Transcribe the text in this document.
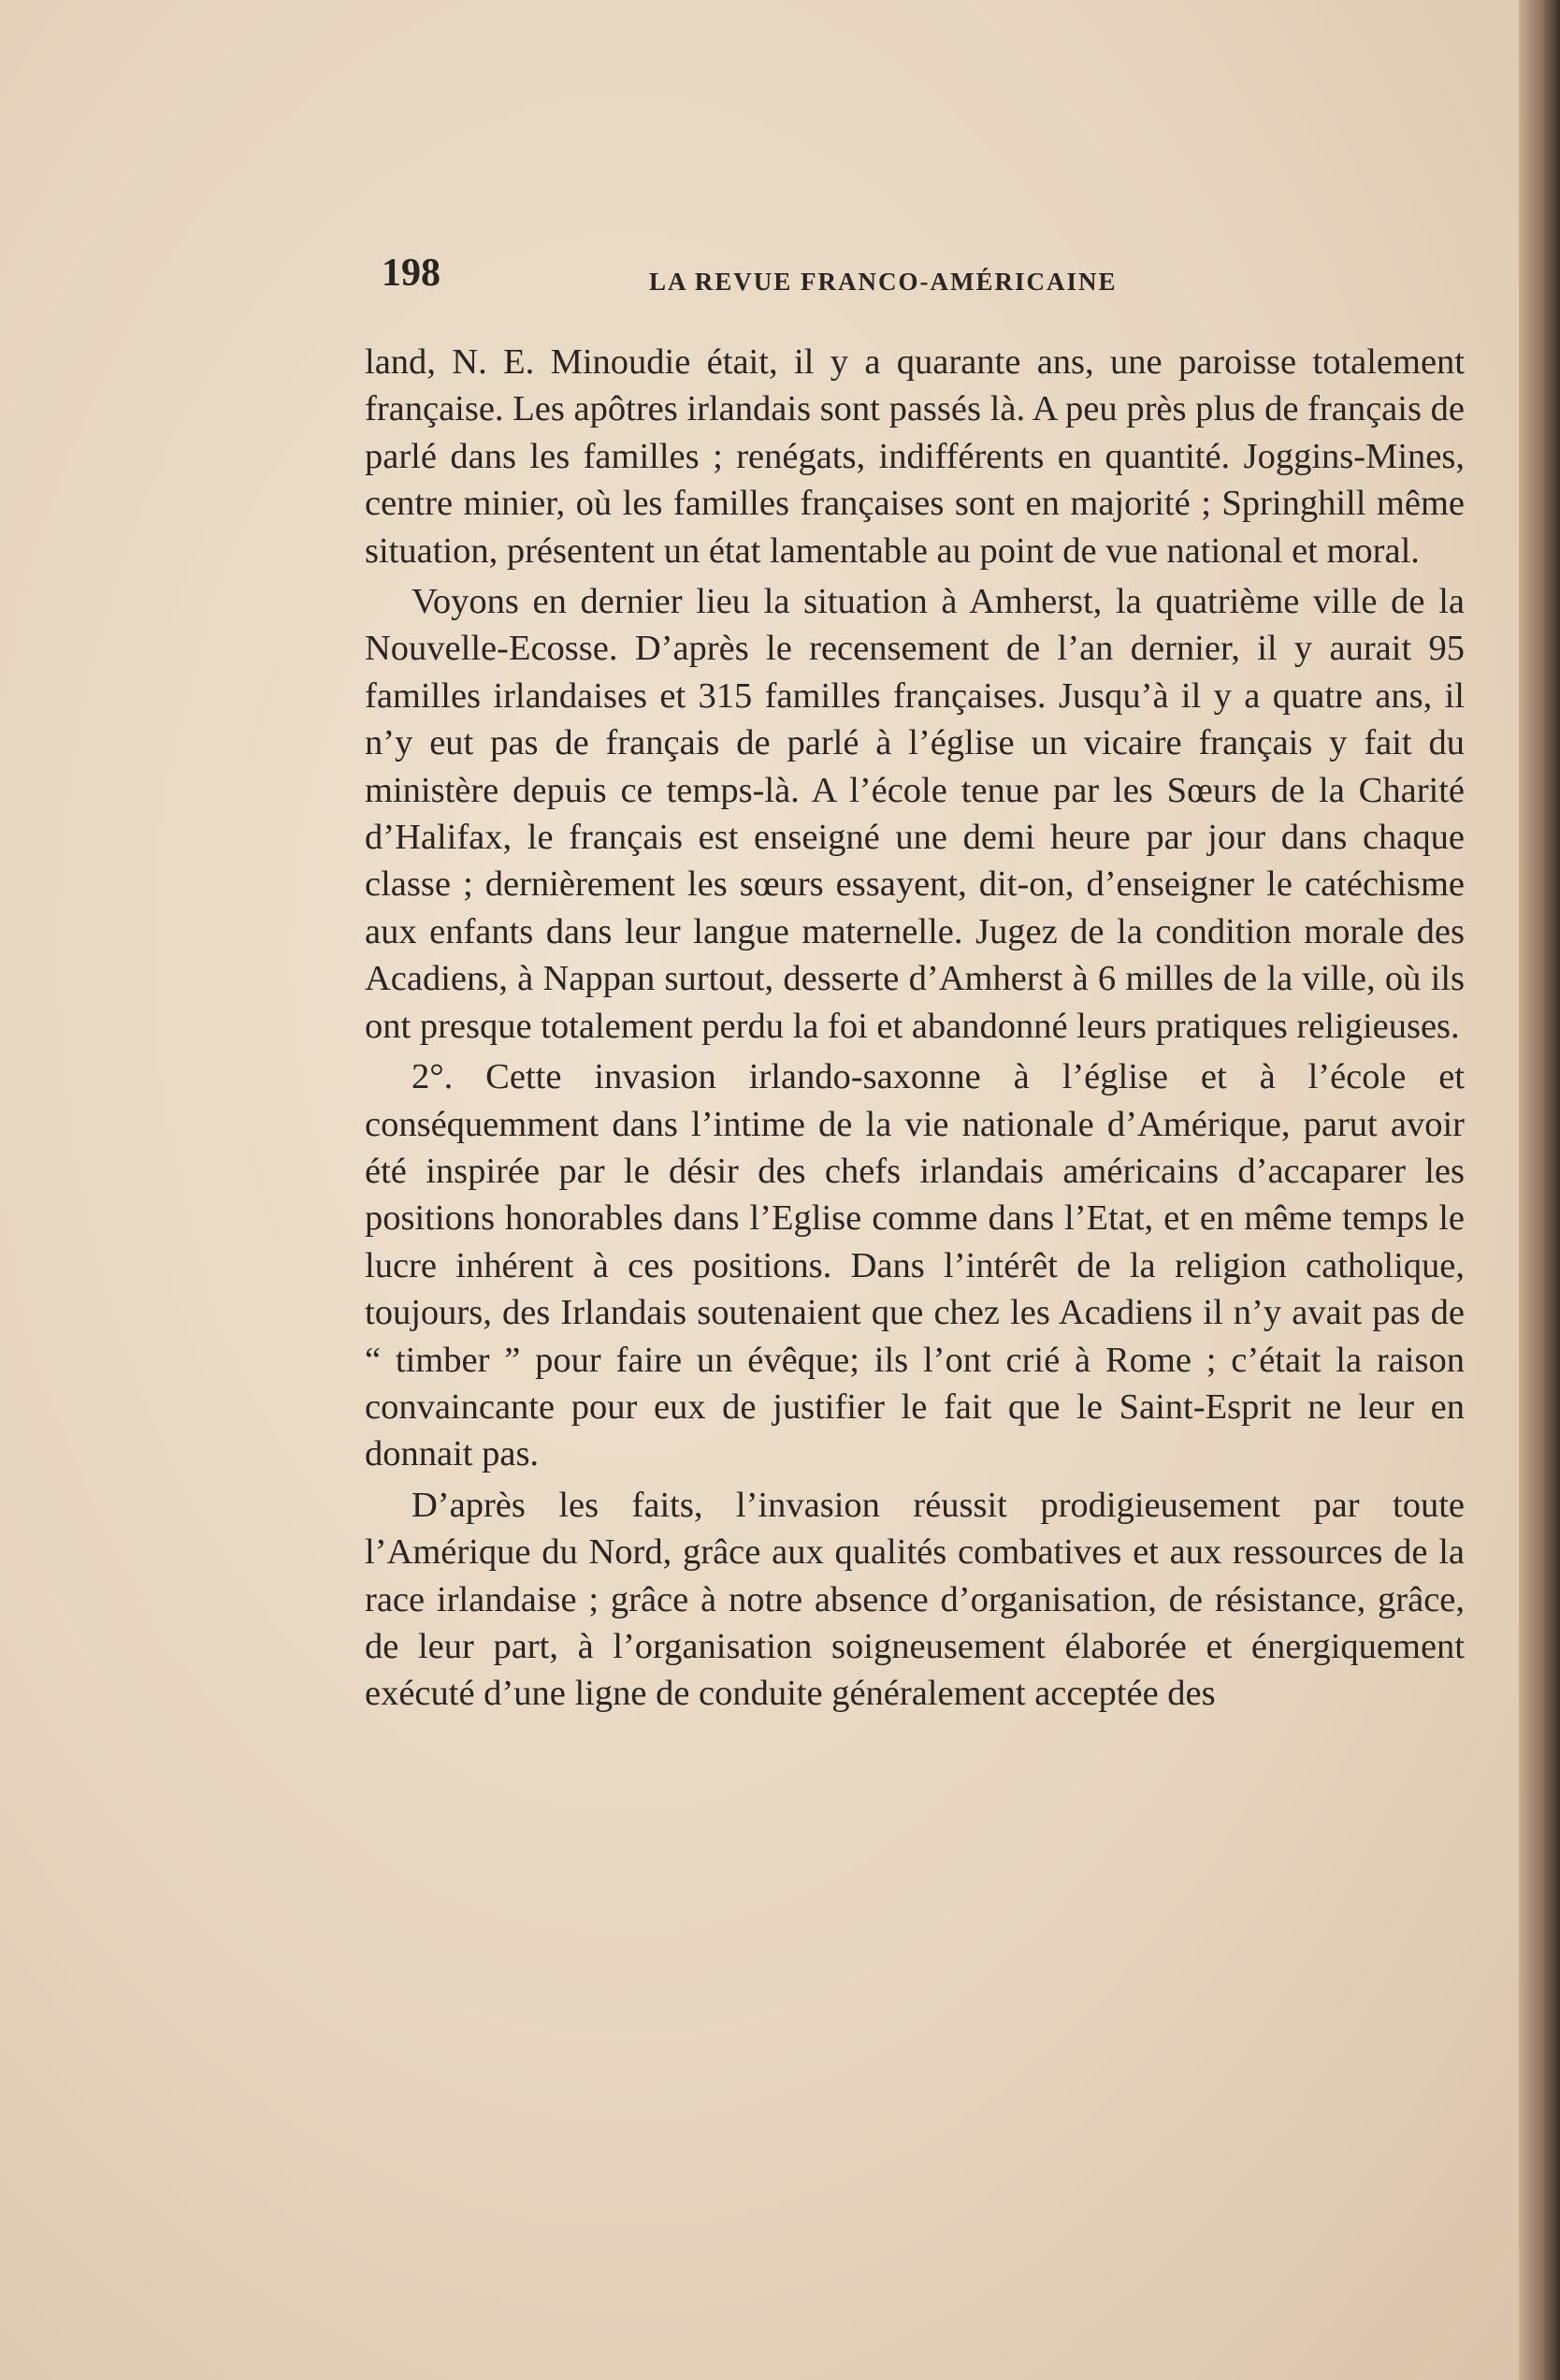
198	LA REVUE FRANCO-AMÉRICAINE

land, N. E. Minoudie était, il y a quarante ans, une paroisse totalement française. Les apôtres irlandais sont passés là. A peu près plus de français de parlé dans les familles ; renégats, indifférents en quantité. Joggins-Mines, centre minier, où les familles françaises sont en majorité ; Springhill même situation, présentent un état lamentable au point de vue national et moral.

Voyons en dernier lieu la situation à Amherst, la quatrième ville de la Nouvelle-Ecosse. D’après le recensement de l’an dernier, il y aurait 95 familles irlandaises et 315 familles françaises. Jusqu’à il y a quatre ans, il n’y eut pas de français de parlé à l’église un vicaire français y fait du ministère depuis ce temps-là. A l’école tenue par les Sœurs de la Charité d’Halifax, le français est enseigné une demi heure par jour dans chaque classe ; dernièrement les sœurs essayent, dit-on, d’enseigner le catéchisme aux enfants dans leur langue maternelle. Jugez de la condition morale des Acadiens, à Nappan surtout, desserte d’Amherst à 6 milles de la ville, où ils ont presque totalement perdu la foi et abandonné leurs pratiques religieuses.

2°. Cette invasion irlando-saxonne à l’église et à l’école et conséquemment dans l’intime de la vie nationale d’Amérique, parut avoir été inspirée par le désir des chefs irlandais américains d’accaparer les positions honorables dans l’Eglise comme dans l’Etat, et en même temps le lucre inhérent à ces positions. Dans l’intérêt de la religion catholique, toujours, des Irlandais soutenaient que chez les Acadiens il n’y avait pas de “ timber ” pour faire un évêque; ils l’ont crié à Rome ; c’était la raison convaincante pour eux de justifier le fait que le Saint-Esprit ne leur en donnait pas.

D’après les faits, l’invasion réussit prodigieusement par toute l’Amérique du Nord, grâce aux qualités combatives et aux ressources de la race irlandaise ; grâce à notre absence d’organisation, de résistance, grâce, de leur part, à l’organisation soigneusement élaborée et énergiquement exécuté d’une ligne de conduite généralement acceptée des
